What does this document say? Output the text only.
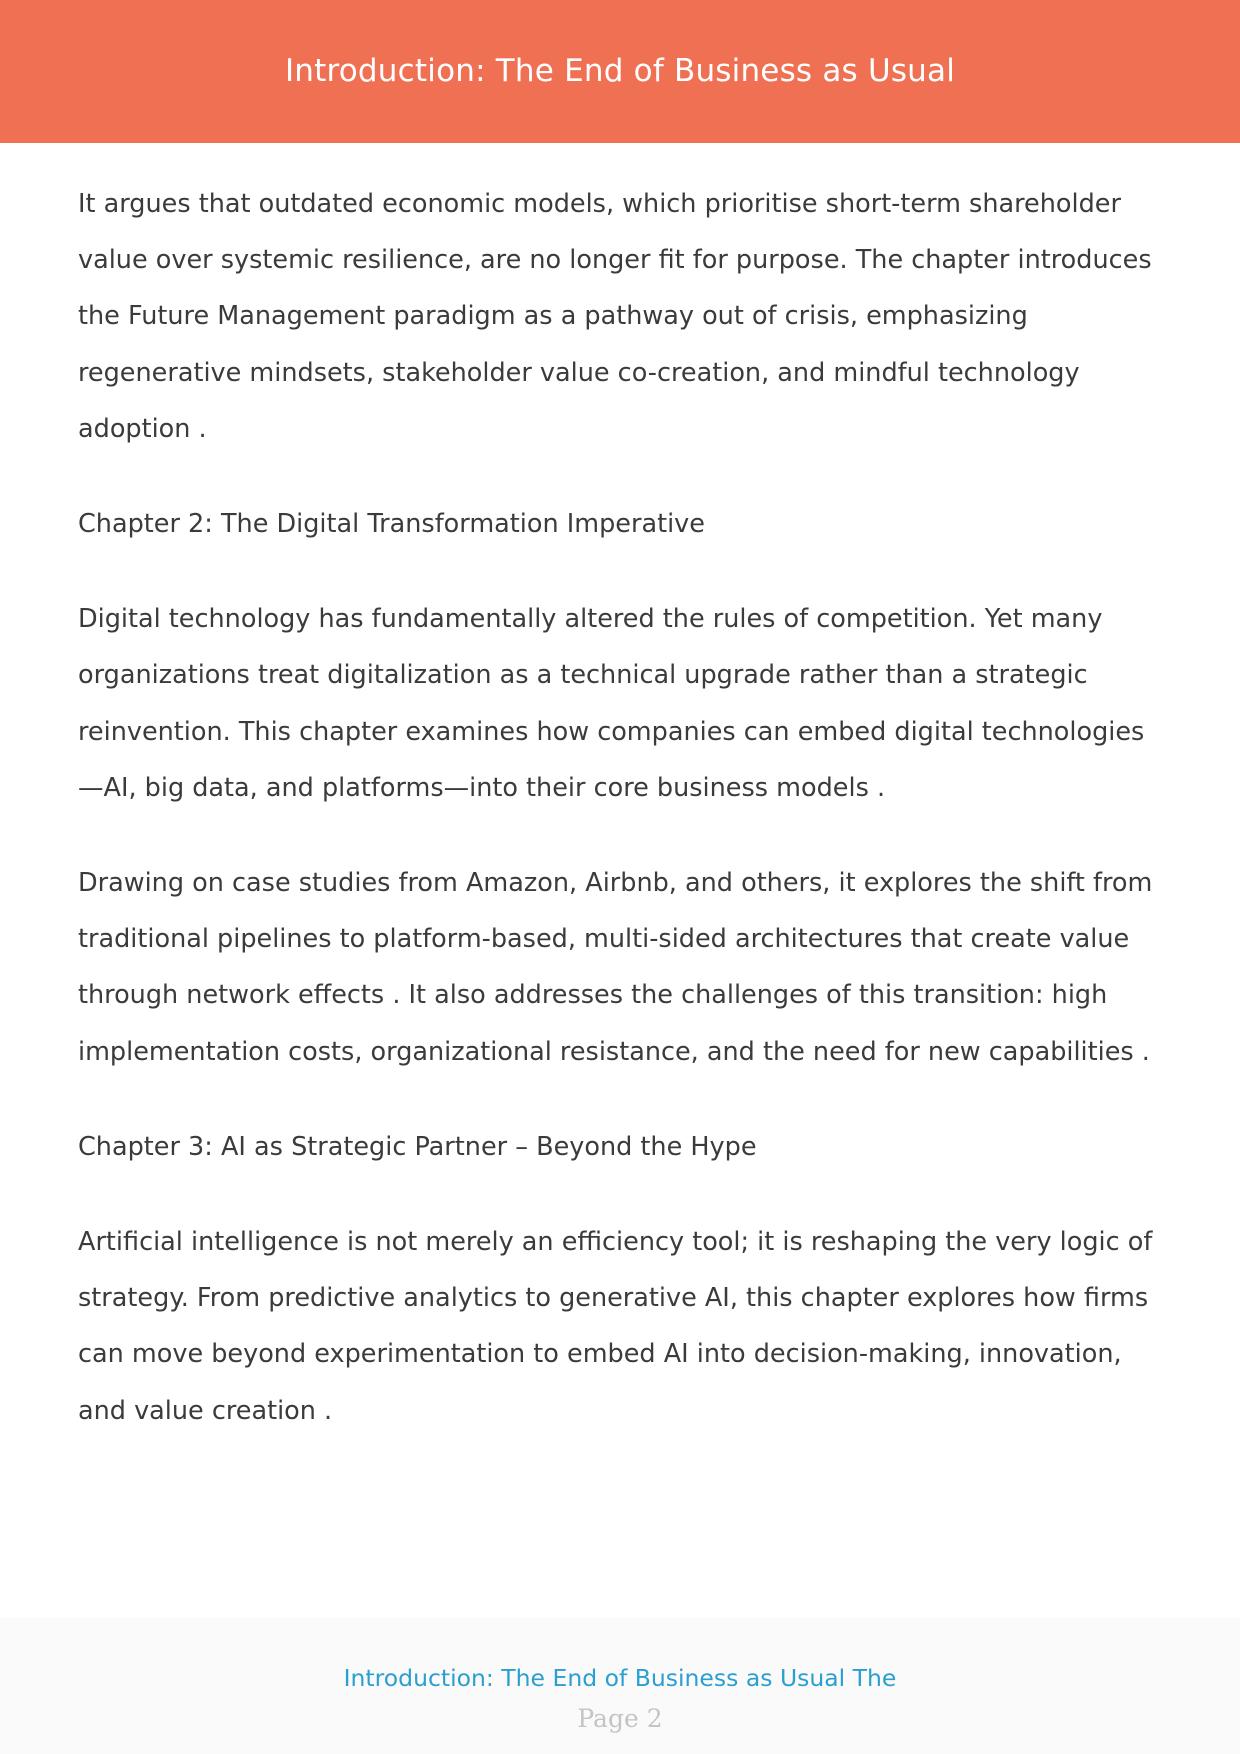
Introduction: The End of Business as Usual

It argues that outdated economic models, which prioritise short-term shareholder value over systemic resilience, are no longer fit for purpose. The chapter introduces the Future Management paradigm as a pathway out of crisis, emphasizing regenerative mindsets, stakeholder value co-creation, and mindful technology adoption .

Chapter 2: The Digital Transformation Imperative

Digital technology has fundamentally altered the rules of competition. Yet many organizations treat digitalization as a technical upgrade rather than a strategic reinvention. This chapter examines how companies can embed digital technologies—AI, big data, and platforms—into their core business models .

Drawing on case studies from Amazon, Airbnb, and others, it explores the shift from traditional pipelines to platform-based, multi-sided architectures that create value through network effects . It also addresses the challenges of this transition: high implementation costs, organizational resistance, and the need for new capabilities .

Chapter 3: AI as Strategic Partner – Beyond the Hype

Artificial intelligence is not merely an efficiency tool; it is reshaping the very logic of strategy. From predictive analytics to generative AI, this chapter explores how firms can move beyond experimentation to embed AI into decision-making, innovation, and value creation .

Introduction: The End of Business as Usual The
Page 2
